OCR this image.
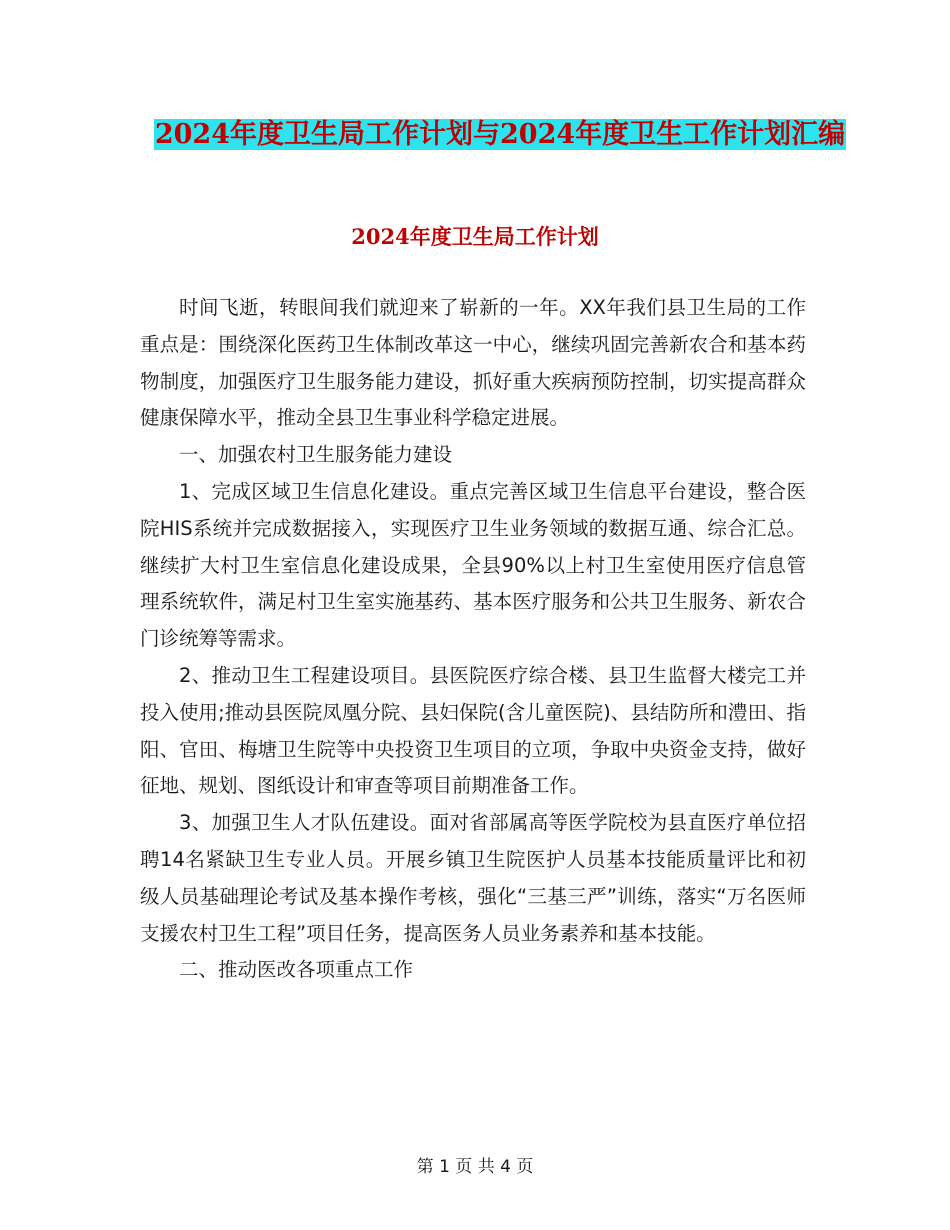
2024年度卫生局工作计划与2024年度卫生工作计划汇编
2024年度卫生局工作计划

时间飞逝，转眼间我们就迎来了崭新的一年。XX年我们县卫生局的工作重点是：围绕深化医药卫生体制改革这一中心，继续巩固完善新农合和基本药物制度，加强医疗卫生服务能力建设，抓好重大疾病预防控制，切实提高群众健康保障水平，推动全县卫生事业科学稳定进展。

一、加强农村卫生服务能力建设

1、完成区域卫生信息化建设。重点完善区域卫生信息平台建设，整合医院HIS系统并完成数据接入，实现医疗卫生业务领域的数据互通、综合汇总。继续扩大村卫生室信息化建设成果，全县90%以上村卫生室使用医疗信息管理系统软件，满足村卫生室实施基药、基本医疗服务和公共卫生服务、新农合门诊统筹等需求。

2、推动卫生工程建设项目。县医院医疗综合楼、县卫生监督大楼完工并投入使用;推动县医院凤凰分院、县妇保院(含儿童医院)、县结防所和澧田、指阳、官田、梅塘卫生院等中央投资卫生项目的立项，争取中央资金支持，做好征地、规划、图纸设计和审查等项目前期准备工作。

3、加强卫生人才队伍建设。面对省部属高等医学院校为县直医疗单位招聘14名紧缺卫生专业人员。开展乡镇卫生院医护人员基本技能质量评比和初级人员基础理论考试及基本操作考核，强化“三基三严”训练，落实“万名医师支援农村卫生工程”项目任务，提高医务人员业务素养和基本技能。

二、推动医改各项重点工作

第 1 页 共 4 页
